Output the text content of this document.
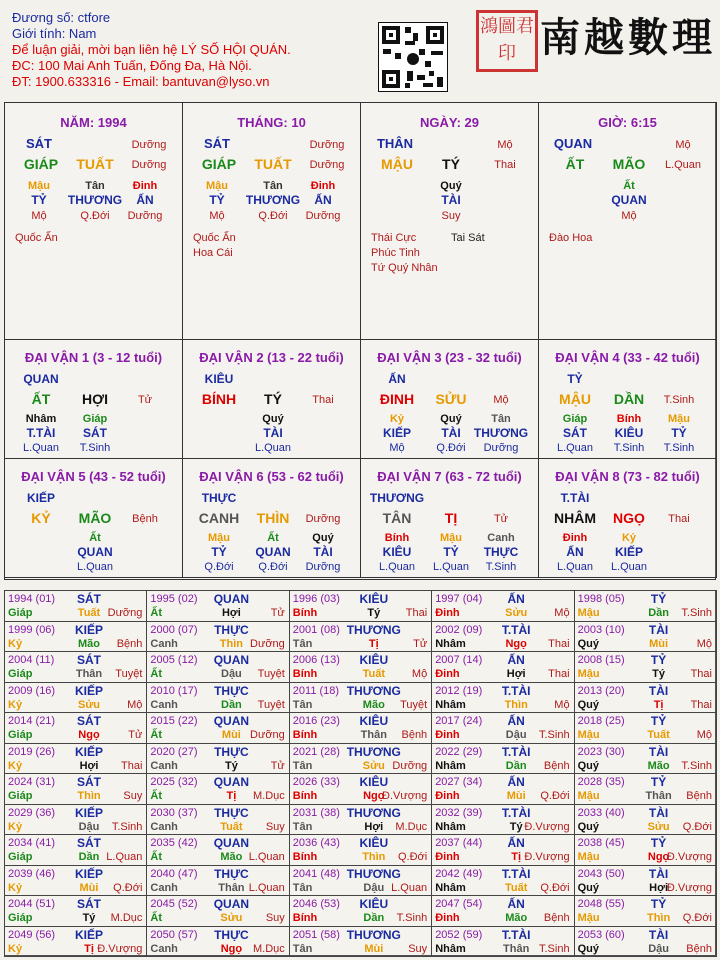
Đương số: ctfore
Giới tính: Nam
Để luận giải, mời bạn liên hệ LÝ SỐ HỘI QUÁN.
ĐC: 100 Mai Anh Tuấn, Đống Đa, Hà Nội.
ĐT: 1900.633316 - Email: bantuvan@lyso.vn
鴻圖君印 南越數理
NĂM: 1994
SÁT	Dưỡng
GIÁP TUẤT Dưỡng
Mậu
TỶ
Mộ
Tân
THƯƠNG
Q.Đới
Đinh
ẤN
Dưỡng
Quốc Ấn
THÁNG: 10
SÁT	Dưỡng
GIÁP TUẤT Dưỡng
Mậu
TỶ
Mộ
Tân
THƯƠNG
Q.Đới
Đinh
ẤN
Dưỡng
Quốc Ấn
Hoa Cái
NGÀY: 29
THÂN	Mộ
MẬU TÝ	Thai
Quý
TÀI
Suy
Thái Cực
Phúc Tinh
Tứ Quý Nhân
Tai Sát
GIỜ: 6:15
QUAN	Mộ
ẤT MÃO L.Quan
Ất
QUAN
Mộ
Đào Hoa
ĐẠI VẬN 1 (3 - 12 tuổi)
QUAN
ẤT HỢI	Tử
Nhâm
T.TÀI
L.Quan
Giáp
SÁT
T.Sinh
ĐẠI VẬN 2 (13 - 22 tuổi)
KIÊU
BÍNH TÝ	Thai
Quý
TÀI
L.Quan
ĐẠI VẬN 3 (23 - 32 tuổi)
ẤN
ĐINH SỬU Mộ
Kỷ
KIẾP
Mộ
Quý
TÀI
Q.Đới
Tân
THƯƠNG
Dưỡng
ĐẠI VẬN 4 (33 - 42 tuổi)
TỶ
MẬU DẦN T.Sinh
Giáp
SÁT
L.Quan
Bính
KIÊU
T.Sinh
Mậu
TỶ
T.Sinh
ĐẠI VẬN 5 (43 - 52 tuổi)
KIẾP
KỶ MÃO Bệnh
Ất
QUAN
L.Quan
ĐẠI VẬN 6 (53 - 62 tuổi)
THỰC
CANH THÌN Dưỡng
Mậu
TỶ
Q.Đới
Ất
QUAN
Q.Đới
Quý
TÀI
Dưỡng
ĐẠI VẬN 7 (63 - 72 tuổi)
THƯƠNG
TÂN TỊ	Tử
Bính
KIÊU
L.Quan
Mậu
TỶ
L.Quan
Canh
THỰC
T.Sinh
ĐẠI VẬN 8 (73 - 82 tuổi)
T.TÀI
NHÂM NGỌ Thai
Đinh
ẤN
L.Quan
Kỷ
KIẾP
L.Quan
1994 (01) SÁT
Giáp	Tuất Dưỡng
1995 (02) QUAN
Ất	Hợi	Tử
1996 (03) KIÊU
Bính	Tý Thai
1997 (04) ẤN
Đinh	Sửu Mộ
1998 (05) TỶ
Mậu	Dần T.Sinh
1999 (06) KIẾP
Kỷ	Mão Bệnh
2000 (07) THỰC
Canh	Thìn Dưỡng
2001 (08) THƯƠNG
Tân	Tị	Tử
2002 (09) T.TÀI
Nhâm	Ngọ Thai
2003 (10) TÀI
Quý	Mùi	Mộ
2004 (11) SÁT
Giáp	Thân Tuyệt
2005 (12) QUAN
Ất	Dậu Tuyệt
2006 (13) KIÊU
Bính	Tuất Mộ
2007 (14) ẤN
Đinh	Hợi Thai
2008 (15) TỶ
Mậu	Tý Thai
2009 (16) KIẾP
Kỷ	Sửu Mộ
2010 (17) THỰC
Canh	Dần Tuyệt
2011 (18) THƯƠNG
Tân	Mão Tuyệt
2012 (19) T.TÀI
Nhâm	Thìn Mộ
2013 (20) TÀI
Quý	Tị Thai
2014 (21) SÁT
Giáp	Ngọ	Tử
2015 (22) QUAN
Ất	Mùi Dưỡng
2016 (23) KIÊU
Bính	Thân Bệnh
2017 (24) ẤN
Đinh	Dậu T.Sinh
2018 (25) TỶ
Mậu	Tuất Mộ
2019 (26) KIẾP
Kỷ	Hợi Thai
2020 (27) THỰC
Canh	Tý	Tử
2021 (28) THƯƠNG
Tân	Sửu Dưỡng
2022 (29) T.TÀI
Nhâm	Dần Bệnh
2023 (30) TÀI
Quý	Mão T.Sinh
2024 (31) SÁT
Giáp	Thìn Suy
2025 (32) QUAN
Ất	Tị M.Dục
2026 (33) KIÊU
Bính	Ngọ
Đ.Vượng
2027 (34) ẤN
Đinh	Mùi Q.Đới
2028 (35) TỶ
Mậu	Thân Bệnh
2029 (36) KIẾP
Kỷ	Dậu T.Sinh
2030 (37) THỰC
Canh	Tuất Suy
2031 (38) THƯƠNG
Tân	Hợi M.Dục
2032 (39) T.TÀI
Nhâm	Tý Đ.Vượng
2033 (40) TÀI
Quý	Sửu Q.Đới
2034 (41) SÁT
Giáp	Dần L.Quan
2035 (42) QUAN
Ất	Mão L.Quan
2036 (43) KIÊU
Bính	Thìn Q.Đới
2037 (44) ẤN
Đinh	Tị Đ.Vượng
2038 (45) TỶ
Mậu	Ngọ
Đ.Vượng
2039 (46) KIẾP
Kỷ	Mùi Q.Đới
2040 (47) THỰC
Canh	Thân L.Quan
2041 (48) THƯƠNG
Tân	Dậu L.Quan
2042 (49) T.TÀI
Nhâm	Tuất Q.Đới
2043 (50) TÀI
Quý	Hợi
Đ.Vượng
2044 (51) SÁT
Giáp	Tý M.Dục
2045 (52) QUAN
Ất	Sửu Suy
2046 (53) KIÊU
Bính	Dần T.Sinh
2047 (54) ẤN
Đinh	Mão Bệnh
2048 (55) TỶ
Mậu	Thìn Q.Đới
2049 (56) KIẾP
Kỷ	Tị Đ.Vượng
2050 (57) THỰC
Canh	Ngọ M.Dục
2051 (58) THƯƠNG
Tân	Mùi Suy
2052 (59) T.TÀI
Nhâm	Thân T.Sinh
2053 (60) TÀI
Quý	Dậu Bệnh
